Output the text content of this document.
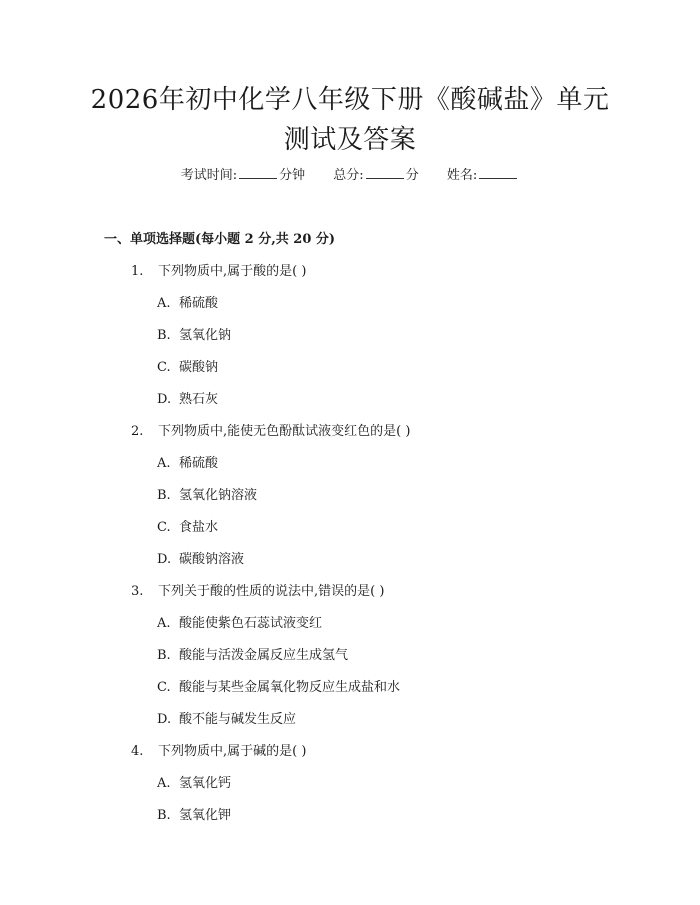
2026年初中化学八年级下册《酸碱盐》单元
测试及答案
考试时间:	分钟 总分:	分 姓名:
一、单项选择题(每小题 2 分,共 20 分)
1. 下列物质中,属于酸的是( )
A. 稀硫酸
B. 氢氧化钠
C. 碳酸钠
D. 熟石灰
2. 下列物质中,能使无色酚酞试液变红色的是( )
A. 稀硫酸
B. 氢氧化钠溶液
C. 食盐水
D. 碳酸钠溶液
3. 下列关于酸的性质的说法中,错误的是( )
A. 酸能使紫色石蕊试液变红
B. 酸能与活泼金属反应生成氢气
C. 酸能与某些金属氧化物反应生成盐和水
D. 酸不能与碱发生反应
4. 下列物质中,属于碱的是( )
A. 氢氧化钙
B. 氢氧化钾
